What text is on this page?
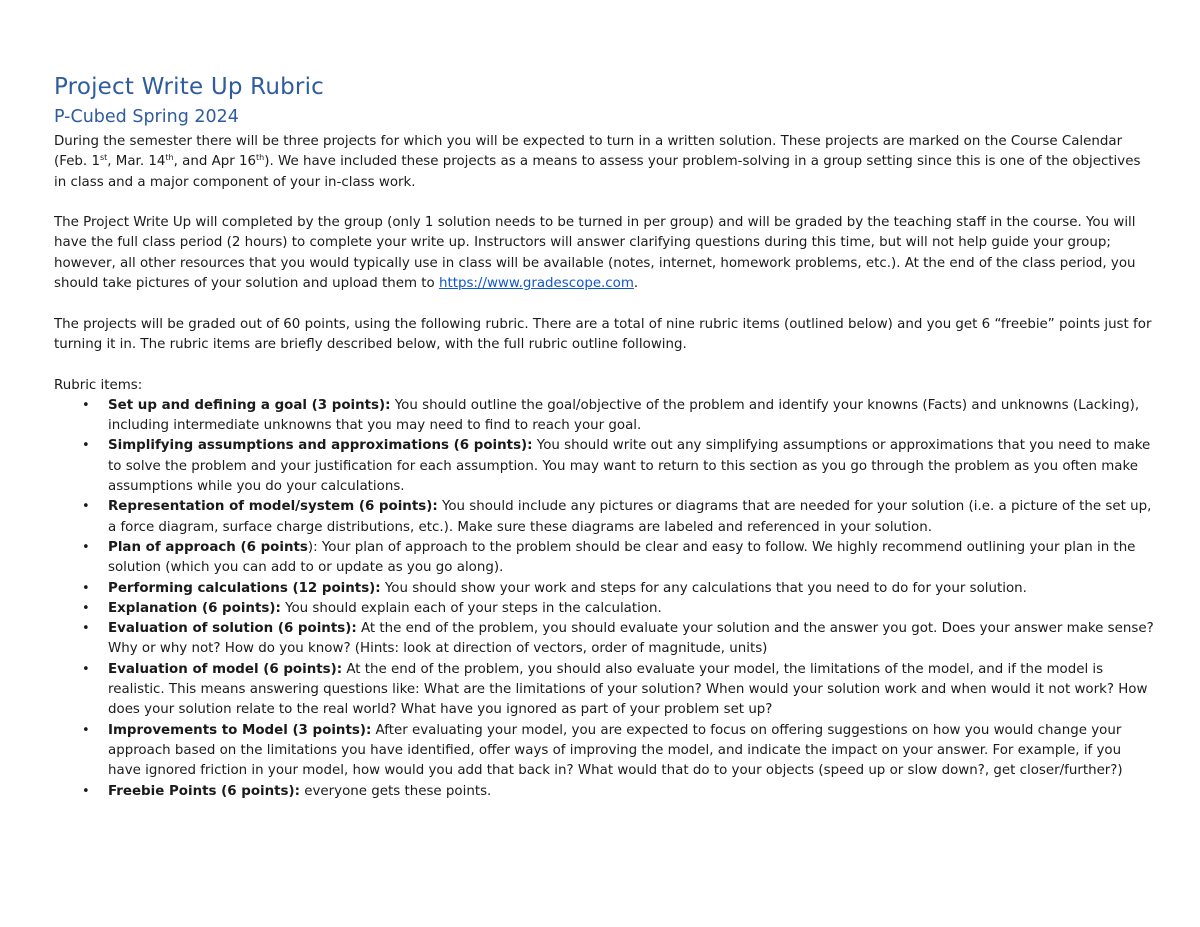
Project Write Up Rubric
P-Cubed Spring 2024

During the semester there will be three projects for which you will be expected to turn in a written solution. These projects are marked on the Course Calendar (Feb. 1st, Mar. 14th, and Apr 16th). We have included these projects as a means to assess your problem-solving in a group setting since this is one of the objectives in class and a major component of your in-class work.

The Project Write Up will completed by the group (only 1 solution needs to be turned in per group) and will be graded by the teaching staff in the course. You will have the full class period (2 hours) to complete your write up. Instructors will answer clarifying questions during this time, but will not help guide your group; however, all other resources that you would typically use in class will be available (notes, internet, homework problems, etc.). At the end of the class period, you should take pictures of your solution and upload them to https://www.gradescope.com.

The projects will be graded out of 60 points, using the following rubric. There are a total of nine rubric items (outlined below) and you get 6 “freebie” points just for turning it in. The rubric items are briefly described below, with the full rubric outline following.

Rubric items:

• Set up and defining a goal (3 points): You should outline the goal/objective of the problem and identify your knowns (Facts) and unknowns (Lacking), including intermediate unknowns that you may need to find to reach your goal.
• Simplifying assumptions and approximations (6 points): You should write out any simplifying assumptions or approximations that you need to make to solve the problem and your justification for each assumption. You may want to return to this section as you go through the problem as you often make assumptions while you do your calculations.
• Representation of model/system (6 points): You should include any pictures or diagrams that are needed for your solution (i.e. a picture of the set up, a force diagram, surface charge distributions, etc.). Make sure these diagrams are labeled and referenced in your solution.
• Plan of approach (6 points): Your plan of approach to the problem should be clear and easy to follow. We highly recommend outlining your plan in the solution (which you can add to or update as you go along).
• Performing calculations (12 points): You should show your work and steps for any calculations that you need to do for your solution.
• Explanation (6 points): You should explain each of your steps in the calculation.
• Evaluation of solution (6 points): At the end of the problem, you should evaluate your solution and the answer you got. Does your answer make sense? Why or why not? How do you know? (Hints: look at direction of vectors, order of magnitude, units)
• Evaluation of model (6 points): At the end of the problem, you should also evaluate your model, the limitations of the model, and if the model is realistic. This means answering questions like: What are the limitations of your solution? When would your solution work and when would it not work? How does your solution relate to the real world? What have you ignored as part of your problem set up?
• Improvements to Model (3 points): After evaluating your model, you are expected to focus on offering suggestions on how you would change your approach based on the limitations you have identified, offer ways of improving the model, and indicate the impact on your answer. For example, if you have ignored friction in your model, how would you add that back in? What would that do to your objects (speed up or slow down?, get closer/further?)
• Freebie Points (6 points): everyone gets these points.
